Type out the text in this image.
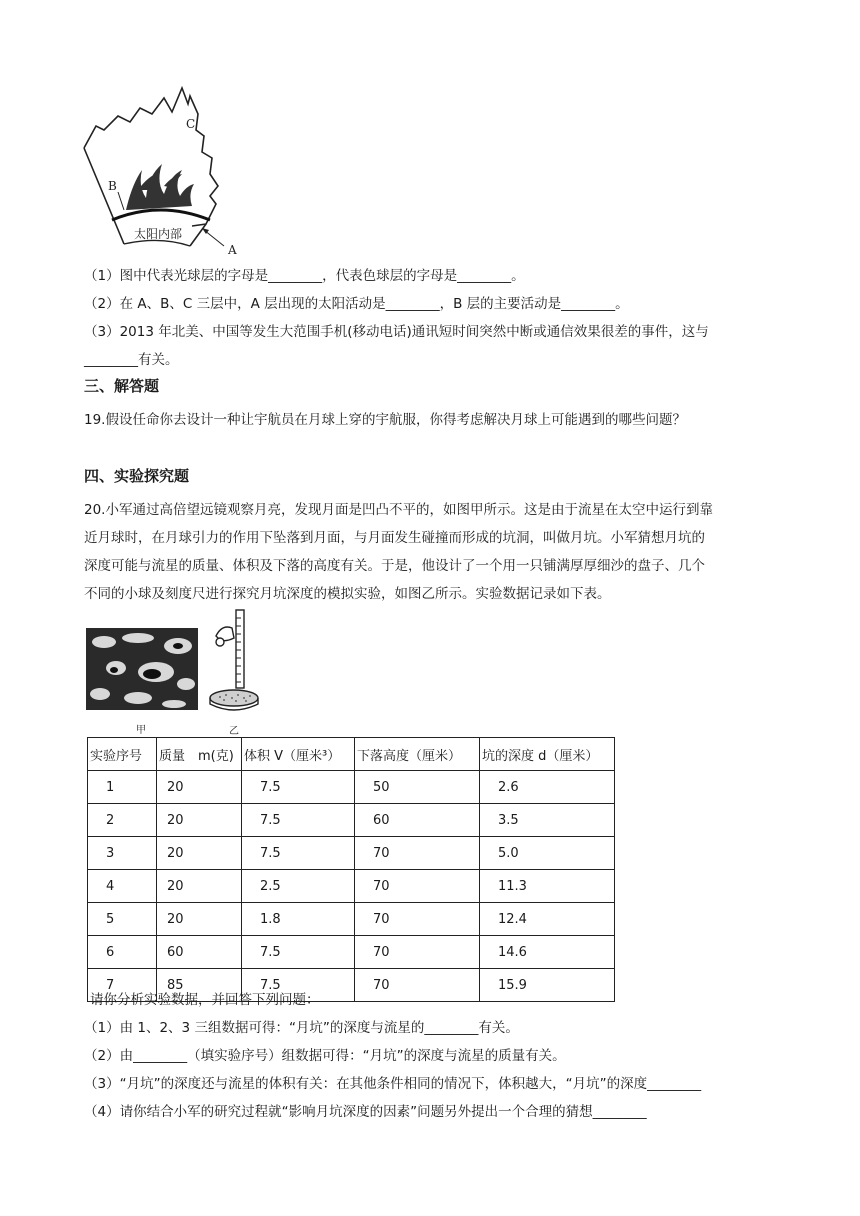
C
B
太阳内部
A
（1）图中代表光球层的字母是________，代表色球层的字母是________。
（2）在 A、B、C 三层中，A 层出现的太阳活动是________，B 层的主要活动是________。
（3）2013 年北美、中国等发生大范围手机(移动电话)通讯短时间突然中断或通信效果很差的事件，这与
________有关。
三、解答题
19.假设任命你去设计一种让宇航员在月球上穿的宇航服，你得考虑解决月球上可能遇到的哪些问题？
四、实验探究题
20.小军通过高倍望远镜观察月亮，发现月面是凹凸不平的，如图甲所示。这是由于流星在太空中运行到靠
近月球时，在月球引力的作用下坠落到月面，与月面发生碰撞而形成的坑洞，叫做月坑。小军猜想月坑的
深度可能与流星的质量、体积及下落的高度有关。于是，他设计了一个用一只铺满厚厚细沙的盘子、几个
不同的小球及刻度尺进行探究月坑深度的模拟实验，如图乙所示。实验数据记录如下表。
甲	乙
实验序号	质量　m(克)	体积 V（厘米³）	下落高度（厘米）	坑的深度 d（厘米）
1	20	7.5	50	2.6
2	20	7.5	60	3.5
3	20	7.5	70	5.0
4	20	2.5	70	11.3
5	20	1.8	70	12.4
6	60	7.5	70	14.6
7	85	7.5	70	15.9
请你分析实验数据，并回答下列问题：
（1）由 1、2、3 三组数据可得：“月坑”的深度与流星的________有关。
（2）由________（填实验序号）组数据可得：“月坑”的深度与流星的质量有关。
（3）“月坑”的深度还与流星的体积有关：在其他条件相同的情况下，体积越大，“月坑”的深度________
（4）请你结合小军的研究过程就“影响月坑深度的因素”问题另外提出一个合理的猜想________
